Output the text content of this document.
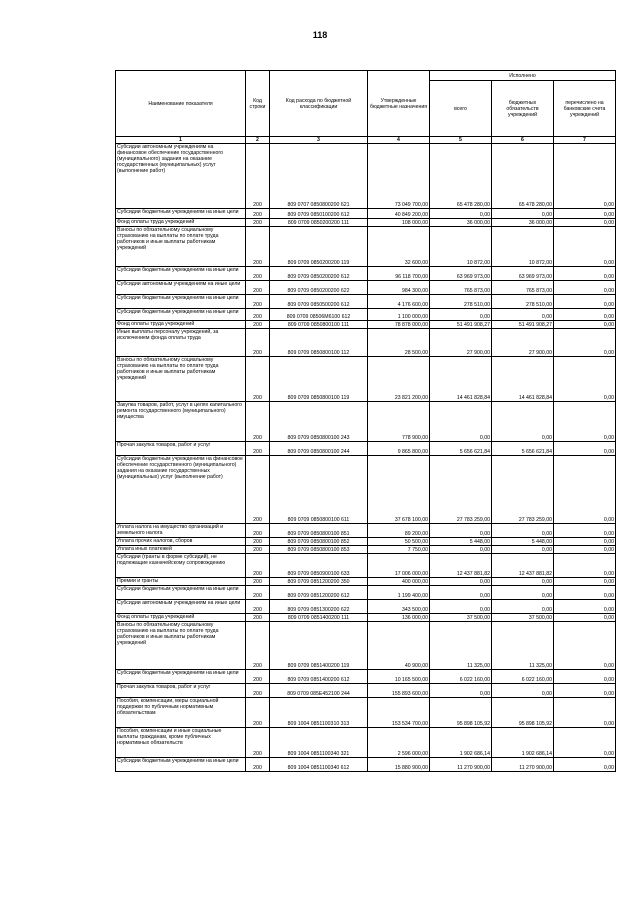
118
Наименование показателя	Код строки	Код расхода по бюджетной классификации	Утвержденные бюджетные назначения	Исполнено		
				всего	бюджетных обязательств учреждений	перечислено на банковские счета учреждений
1	2	3	4	5	6	7
Субсидии автономным учреждениям на финансовое обеспечение государственного (муниципального) задания на оказание государственных (муниципальных) услуг (выполнение работ)	200	809 0707 0850800200 621	73 049 700,00	65 478 280,00	65 478 280,00	0,00
Субсидии бюджетным учреждениям на иные цели	200	809 0709 0850100200 612	40 849 200,00	0,00	0,00	0,00
Фонд оплаты труда учреждений	200	809 0709 0850200200 111	108 000,00	36 000,00	36 000,00	0,00
Взносы по обязательному социальному страхованию на выплаты по оплате труда работников и иные выплаты работникам учреждений	200	809 0709 0850200200 119	32 600,00	10 872,00	10 872,00	0,00
Субсидии бюджетным учреждениям на иные цели	200	809 0709 0850200200 612	96 118 700,00	63 969 973,00	63 969 973,00	0,00
Субсидии автономным учреждениям на иные цели	200	809 0709 0850200200 622	984 300,00	765 873,00	765 873,00	0,00
Субсидии бюджетным учреждениям на иные цели	200	809 0709 0850500200 612	4 176 600,00	278 510,00	278 510,00	0,00
Субсидии бюджетным учреждениям на иные цели	200	809 0709 08506M6100 612	1 100 000,00	0,00	0,00	0,00
Фонд оплаты труда учреждений	200	809 0709 0850800100 111	78 878 000,00	51 491 908,27	51 491 908,27	0,00
Иные выплаты персоналу учреждений, за исключением фонда оплаты труда	200	809 0709 0850800100 112	28 500,00	27 900,00	27 900,00	0,00
Взносы по обязательному социальному страхованию на выплаты по оплате труда работников и иные выплаты работникам учреждений	200	809 0709 0850800100 119	23 821 200,00	14 461 828,84	14 461 828,84	0,00
Закупка товаров, работ, услуг в целях капитального ремонта государственного (муниципального) имущества	200	809 0709 0850800100 243	778 900,00	0,00	0,00	0,00
Прочая закупка товаров, работ и услуг	200	809 0709 0850800100 244	9 865 800,00	5 656 621,84	5 656 621,84	0,00
Субсидии бюджетным учреждениям на финансовое обеспечение государственного (муниципального) задания на оказание государственных (муниципальных) услуг (выполнение работ)	200	809 0709 0850800100 611	37 678 100,00	27 783 259,00	27 783 259,00	0,00
Уплата налога на имущество организаций и земельного налога	200	809 0709 0850800100 851	89 200,00	0,00	0,00	0,00
Уплата прочих налогов, сборов	200	809 0709 0850800100 852	50 500,00	5 448,00	5 448,00	0,00
Уплата иных платежей	200	809 0709 0850800100 853	7 750,00	0,00	0,00	0,00
Субсидии (гранты в форме субсидий), не подлежащие казначейскому сопровождению	200	809 0709 0850900100 633	17 006 000,00	12 437 881,82	12 437 881,82	0,00
Премии и гранты	200	809 0709 0851200200 350	400 000,00	0,00	0,00	0,00
Субсидии бюджетным учреждениям на иные цели	200	809 0709 0851200200 612	1 199 400,00	0,00	0,00	0,00
Субсидии автономным учреждениям на иные цели	200	809 0709 0851300200 622	343 500,00	0,00	0,00	0,00
Фонд оплаты труда учреждений	200	809 0709 0851400200 111	136 000,00	37 500,00	37 500,00	0,00
Взносы по обязательному социальному страхованию на выплаты по оплате труда работников и иные выплаты работникам учреждений	200	809 0709 0851400200 119	40 900,00	11 325,00	11 325,00	0,00
Субсидии бюджетным учреждениям на иные цели	200	809 0709 0851400200 612	10 165 500,00	6 022 160,00	6 022 160,00	0,00
Прочая закупка товаров, работ и услуг	200	809 0709 085E452100 244	155 893 600,00	0,00	0,00	0,00
Пособия, компенсации, меры социальной поддержки по публичным нормативным обязательствам	200	809 1004 0851100310 313	153 534 700,00	95 898 105,92	95 898 105,92	0,00
Пособия, компенсации и иные социальные выплаты гражданам, кроме публичных нормативных обязательств	200	809 1004 0851100340 321	2 596 000,00	1 902 686,14	1 902 686,14	0,00
Субсидии бюджетным учреждениям на иные цели	200	809 1004 0851100340 612	15 880 900,00	11 270 900,00	11 270 900,00	0,00
